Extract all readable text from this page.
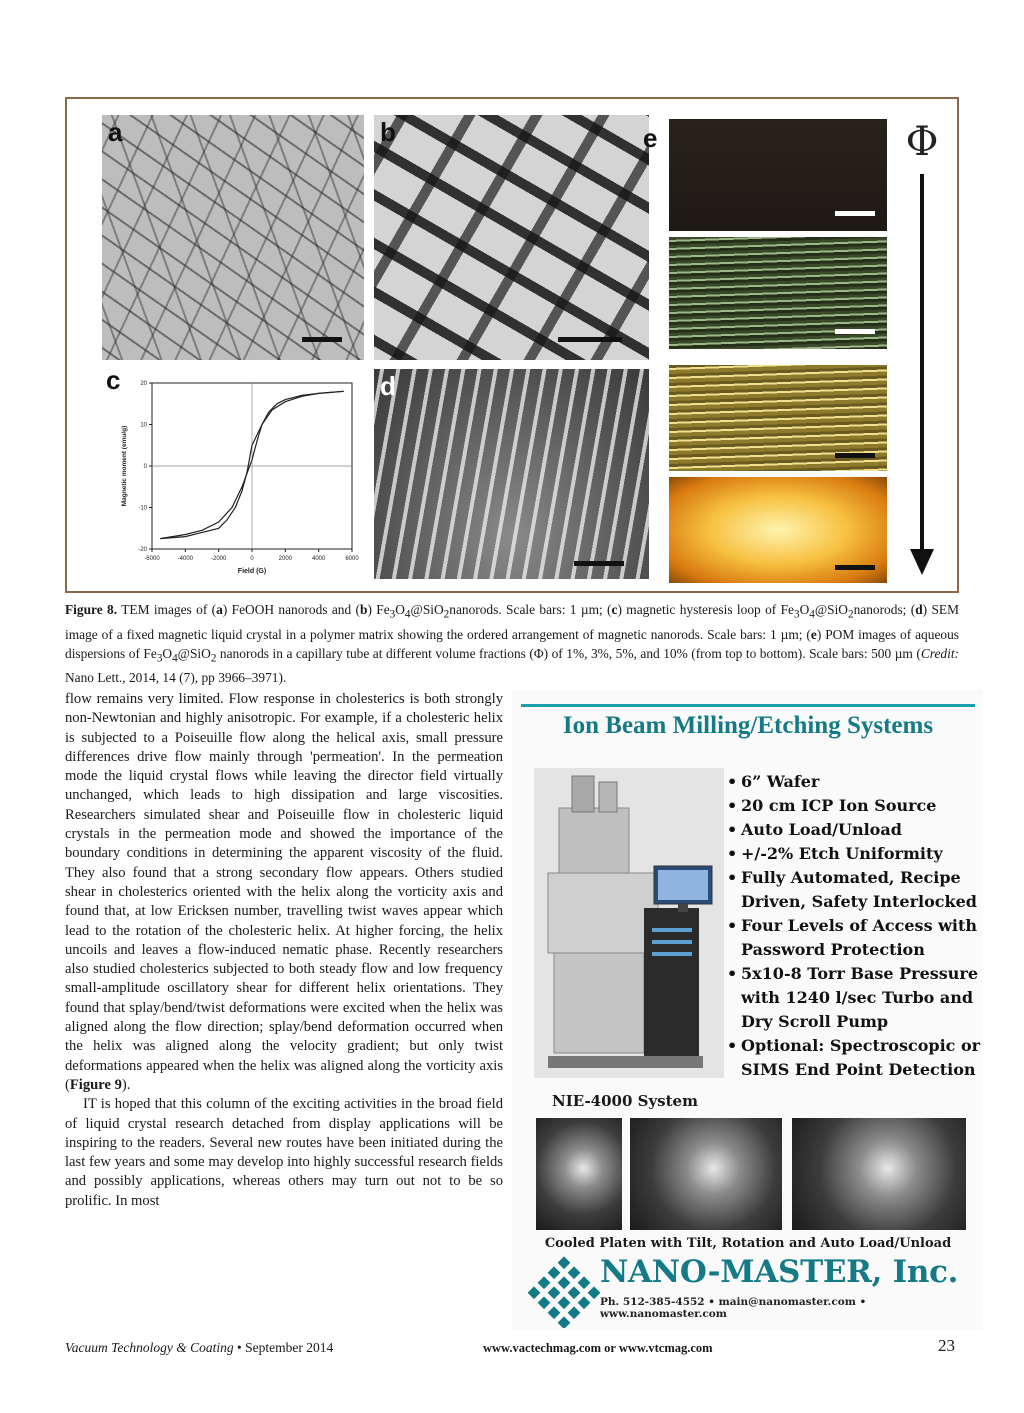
a	b
c
-6000	-4000	-2000	0	2000	4000	6000
20
10
0
-10
-20
Field (G)
Magnetic moment (emu/g)
d
e	Φ
Figure 8. TEM images of (a) FeOOH nanorods and (b) $Fe_3O_4@SiO_2nanorods$. Scale bars: 1 µm; (c) magnetic hysteresis loop of $Fe_3O_4@SiO_2nanorods$; (d) SEM image of a fixed magnetic liquid crystal in a polymer matrix showing the ordered arrangement of magnetic nanorods. Scale bars: 1 µm; (e) POM images of aqueous dispersions of $Fe_3O_4@SiO_2$ nanorods in a capillary tube at different volume fractions (Φ) of 1%, 3%, 5%, and 10% (from top to bottom). Scale bars: 500 µm (Credit: Nano Lett., 2014, 14 (7), pp 3966–3971).

flow remains very limited. Flow response in cholesterics is both strongly non-Newtonian and highly anisotropic. For example, if a cholesteric helix is subjected to a Poiseuille flow along the helical axis, small pressure differences drive flow mainly through 'permeation'. In the permeation mode the liquid crystal flows while leaving the director field virtually unchanged, which leads to high dissipation and large viscosities. Researchers simulated shear and Poiseuille flow in cholesteric liquid crystals in the permeation mode and showed the importance of the boundary conditions in determining the apparent viscosity of the fluid. They also found that a strong secondary flow appears. Others studied shear in cholesterics oriented with the helix along the vorticity axis and found that, at low Ericksen number, travelling twist waves appear which lead to the rotation of the cholesteric helix. At higher forcing, the helix uncoils and leaves a flow-induced nematic phase. Recently researchers also studied cholesterics subjected to both steady flow and low frequency small-amplitude oscillatory shear for different helix orientations. They found that splay/bend/twist deformations were excited when the helix was aligned along the flow direction; splay/bend deformation occurred when the helix was aligned along the velocity gradient; but only twist deformations appeared when the helix was aligned along the vorticity axis (Figure 9).

IT is hoped that this column of the exciting activities in the broad field of liquid crystal research detached from display applications will be inspiring to the readers. Several new routes have been initiated during the last few years and some may develop into highly successful research fields and possibly applications, whereas others may turn out not to be so prolific. In most

Ion Beam Milling/Etching Systems
• 6” Wafer
• 20 cm ICP Ion Source
• Auto Load/Unload
• +/-2% Etch Uniformity
• Fully Automated, Recipe Driven, Safety Interlocked
• Four Levels of Access with Password Protection
• 5x10-8 Torr Base Pressure with 1240 l/sec Turbo and Dry Scroll Pump
• Optional: Spectroscopic or SIMS End Point Detection
NIE-4000 System
Cooled Platen with Tilt, Rotation and Auto Load/Unload
NANO-MASTER, Inc.
Ph. 512-385-4552 • main@nanomaster.com • www.nanomaster.com
Vacuum Technology & Coating • September 2014	www.vactechmag.com or www.vtcmag.com	23
